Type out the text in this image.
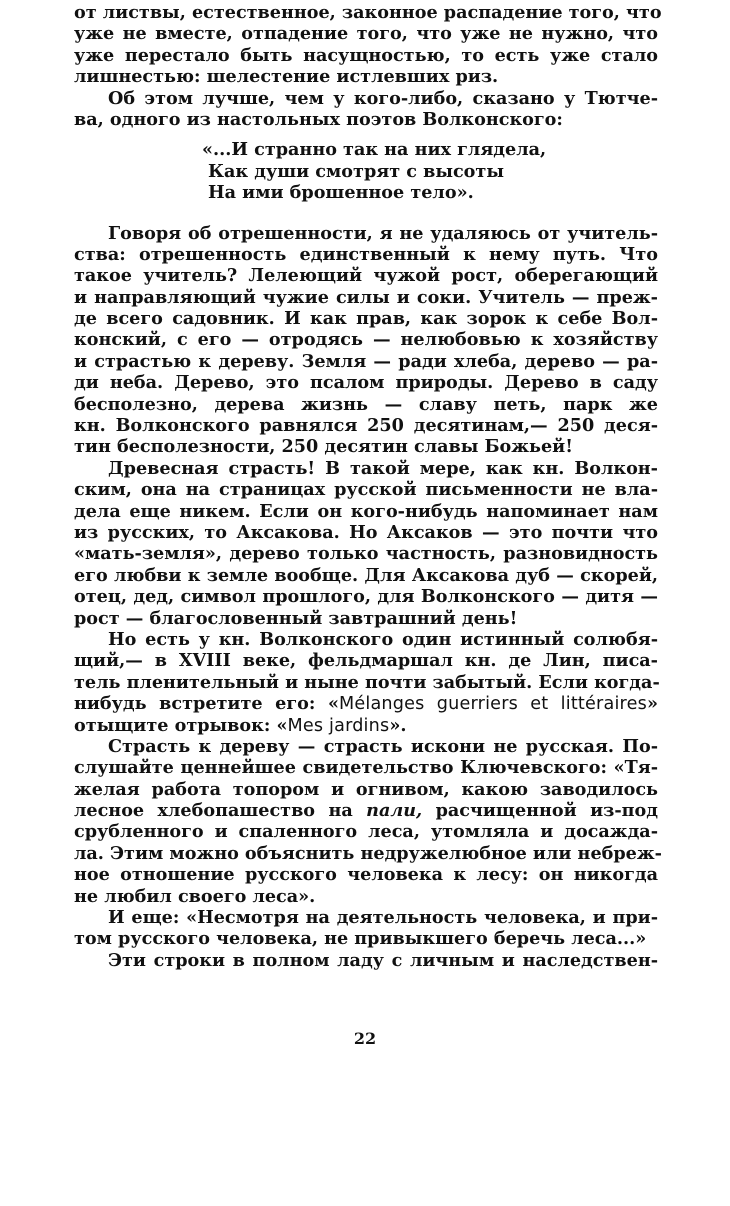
от листвы, естественное, законное распадение того, что
уже не вместе, отпадение того, что уже не нужно, что
уже перестало быть насущностью, то есть уже стало
лишнестью: шелестение истлевших риз.
Об этом лучше, чем у кого-либо, сказано у Тютче-
ва, одного из настольных поэтов Волконского:
«...И странно так на них глядела,
Как души смотрят с высоты
На ими брошенное тело».
Говоря об отрешенности, я не удаляюсь от учитель-
ства: отрешенность единственный к нему путь. Что
такое учитель? Лелеющий чужой рост, оберегающий
и направляющий чужие силы и соки. Учитель — преж-
де всего садовник. И как прав, как зорок к себе Вол-
конский, с его — отродясь — нелюбовью к хозяйству
и страстью к дереву. Земля — ради хлеба, дерево — ра-
ди неба. Дерево, это псалом природы. Дерево в саду
бесполезно, дерева жизнь — славу петь, парк же
кн. Волконского равнялся 250 десятинам,— 250 деся-
тин бесполезности, 250 десятин славы Божьей!
Древесная страсть! В такой мере, как кн. Волкон-
ским, она на страницах русской письменности не вла-
дела еще никем. Если он кого-нибудь напоминает нам
из русских, то Аксакова. Но Аксаков — это почти что
«мать-земля», дерево только частность, разновидность
его любви к земле вообще. Для Аксакова дуб — скорей,
отец, дед, символ прошлого, для Волконского — дитя —
рост — благословенный завтрашний день!
Но есть у кн. Волконского один истинный солюбя-
щий,— в XVIII веке, фельдмаршал кн. де Лин, писа-
тель пленительный и ныне почти забытый. Если когда-
нибудь встретите его: «Mélanges guerriers et littéraires»
отыщите отрывок: «Mes jardins».
Страсть к дереву — страсть искони не русская. По-
слушайте ценнейшее свидетельство Ключевского: «Тя-
желая работа топором и огнивом, какою заводилось
лесное хлебопашество на пали, расчищенной из-под
срубленного и спаленного леса, утомляла и досажда-
ла. Этим можно объяснить недружелюбное или небреж-
ное отношение русского человека к лесу: он никогда
не любил своего леса».
И еще: «Несмотря на деятельность человека, и при-
том русского человека, не привыкшего беречь леса...»
Эти строки в полном ладу с личным и наследствен-
22
